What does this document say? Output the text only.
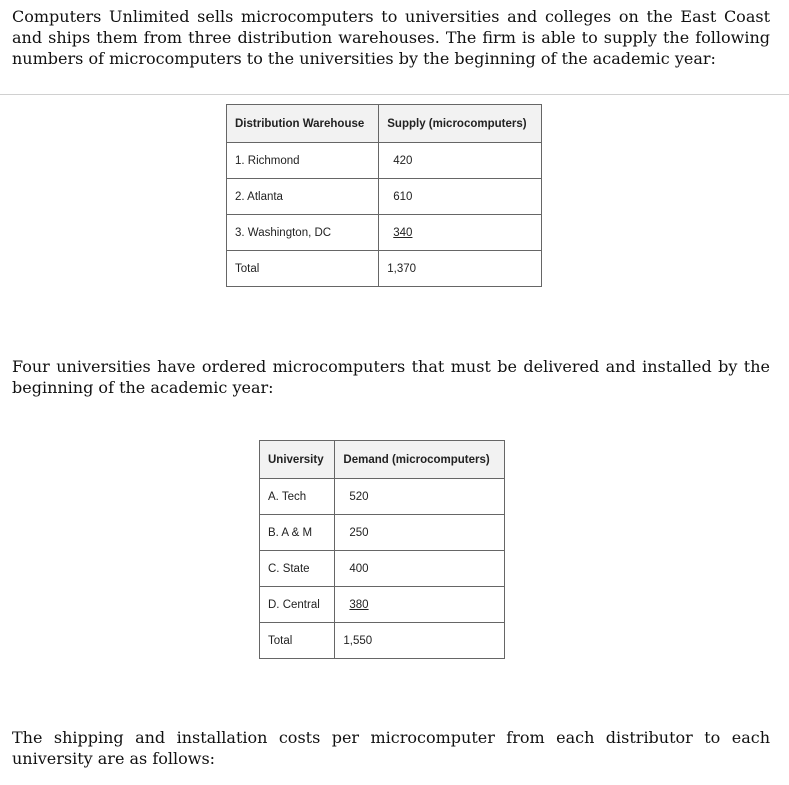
Computers Unlimited sells microcomputers to universities and colleges on the East Coast and ships them from three distribution warehouses. The firm is able to supply the following numbers of microcomputers to the universities by the beginning of the academic year:

Distribution Warehouse	Supply (microcomputers)
1. Richmond	420
2. Atlanta	610
3. Washington, DC	340
Total	1,370

Four universities have ordered microcomputers that must be delivered and installed by the beginning of the academic year:

University	Demand (microcomputers)
A. Tech	520
B. A & M	250
C. State	400
D. Central	380
Total	1,550

The shipping and installation costs per microcomputer from each distributor to each university are as follows:
